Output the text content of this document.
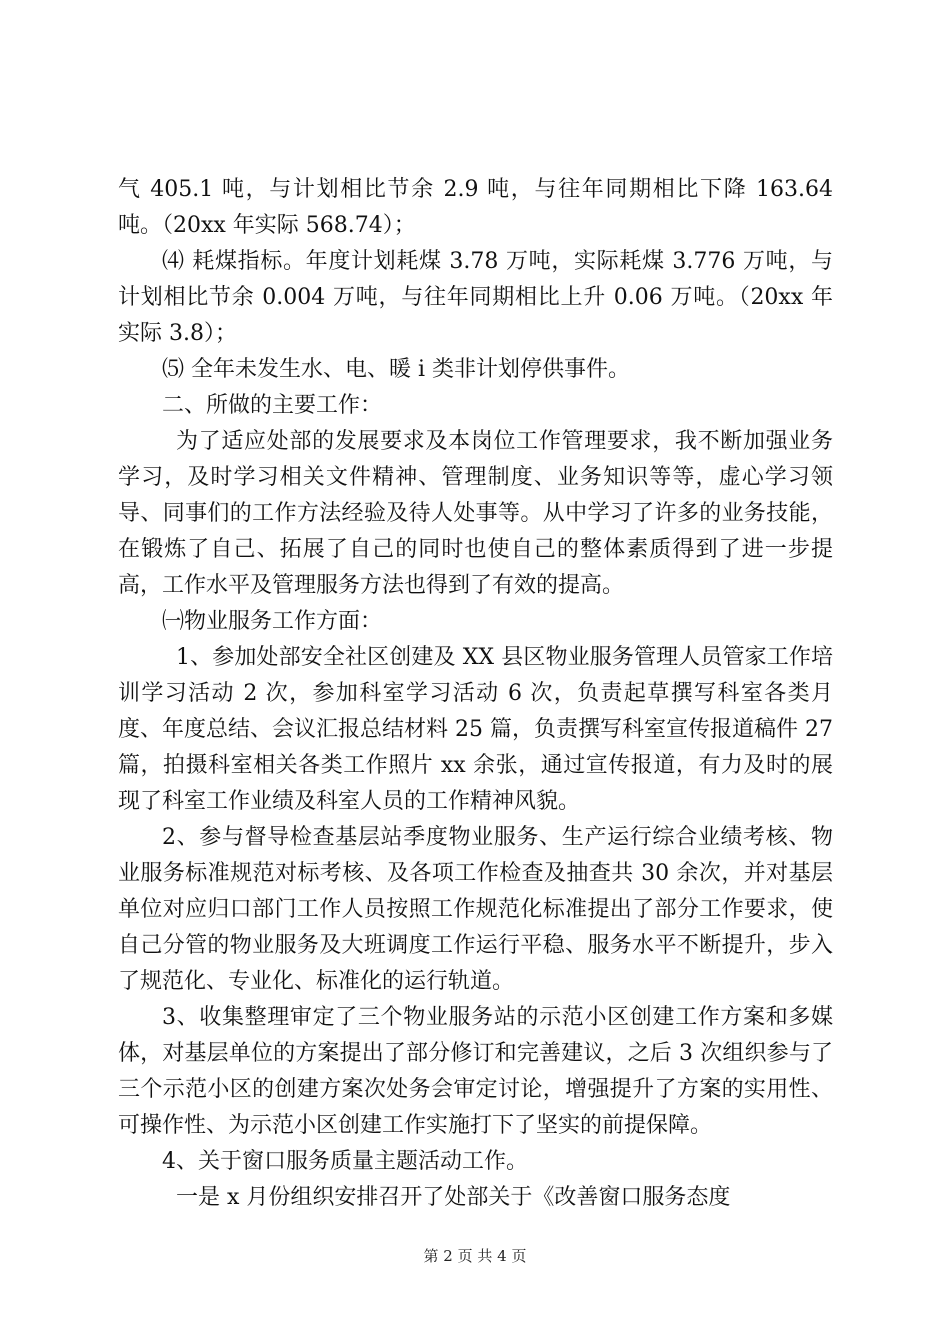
气 405.1 吨，与计划相比节余 2.9 吨，与往年同期相比下降 163.64 吨。（20xx 年实际 568.74）；

⑷ 耗煤指标。年度计划耗煤 3.78 万吨，实际耗煤 3.776 万吨，与计划相比节余 0.004 万吨，与往年同期相比上升 0.06 万吨。（20xx 年实际 3.8）；

⑸ 全年未发生水、电、暖 i 类非计划停供事件。

二、所做的主要工作：

为了适应处部的发展要求及本岗位工作管理要求，我不断加强业务学习，及时学习相关文件精神、管理制度、业务知识等等，虚心学习领导、同事们的工作方法经验及待人处事等。从中学习了许多的业务技能，在锻炼了自己、拓展了自己的同时也使自己的整体素质得到了进一步提高，工作水平及管理服务方法也得到了有效的提高。

㈠物业服务工作方面：

1、参加处部安全社区创建及 XX 县区物业服务管理人员管家工作培训学习活动 2 次，参加科室学习活动 6 次，负责起草撰写科室各类月度、年度总结、会议汇报总结材料 25 篇，负责撰写科室宣传报道稿件 27 篇，拍摄科室相关各类工作照片 xx 余张，通过宣传报道，有力及时的展现了科室工作业绩及科室人员的工作精神风貌。

2、参与督导检查基层站季度物业服务、生产运行综合业绩考核、物业服务标准规范对标考核、及各项工作检查及抽查共 30 余次，并对基层单位对应归口部门工作人员按照工作规范化标准提出了部分工作要求，使自己分管的物业服务及大班调度工作运行平稳、服务水平不断提升，步入了规范化、专业化、标准化的运行轨道。

3、收集整理审定了三个物业服务站的示范小区创建工作方案和多媒体，对基层单位的方案提出了部分修订和完善建议，之后 3 次组织参与了三个示范小区的创建方案次处务会审定讨论，增强提升了方案的实用性、可操作性、为示范小区创建工作实施打下了坚实的前提保障。

4、关于窗口服务质量主题活动工作。

一是 x 月份组织安排召开了处部关于《改善窗口服务态度

第 2 页 共 4 页
